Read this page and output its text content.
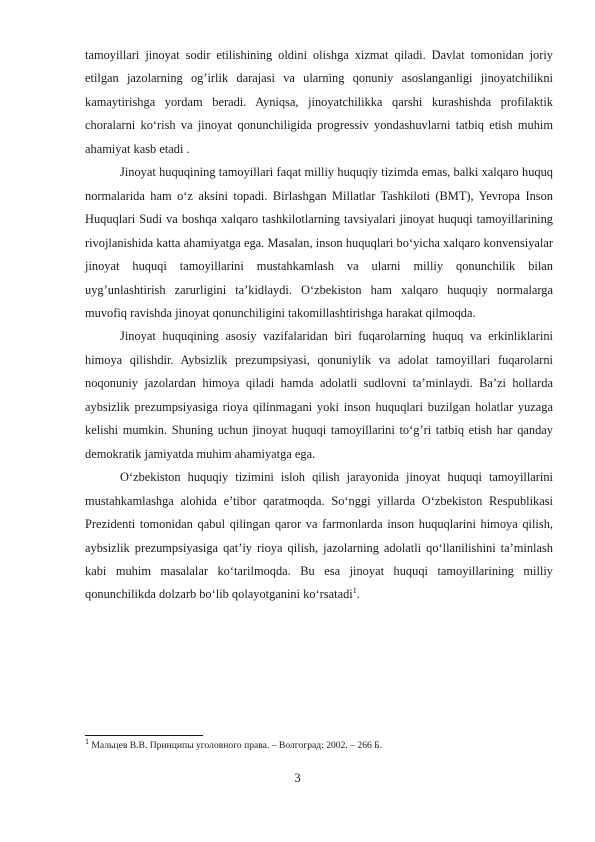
tamoyillari jinoyat sodir etilishining oldini olishga xizmat qiladi. Davlat tomonidan joriy etilgan jazolarning og’irlik darajasi va ularning qonuniy asoslanganligi jinoyatchilikni kamaytirishga yordam beradi. Ayniqsa, jinoyatchilikka qarshi kurashishda profilaktik choralarni ko‘rish va jinoyat qonunchiligida progressiv yondashuvlarni tatbiq etish muhim ahamiyat kasb etadi .

Jinoyat huquqining tamoyillari faqat milliy huquqiy tizimda emas, balki xalqaro huquq normalarida ham o‘z aksini topadi. Birlashgan Millatlar Tashkiloti (BMT), Yevropa Inson Huquqlari Sudi va boshqa xalqaro tashkilotlarning tavsiyalari jinoyat huquqi tamoyillarining rivojlanishida katta ahamiyatga ega. Masalan, inson huquqlari bo‘yicha xalqaro konvensiyalar jinoyat huquqi tamoyillarini mustahkamlash va ularni milliy qonunchilik bilan uyg’unlashtirish zarurligini ta’kidlaydi. O‘zbekiston ham xalqaro huquqiy normalarga muvofiq ravishda jinoyat qonunchiligini takomillashtirishga harakat qilmoqda.

Jinoyat huquqining asosiy vazifalaridan biri fuqarolarning huquq va erkinliklarini himoya qilishdir. Aybsizlik prezumpsiyasi, qonuniylik va adolat tamoyillari fuqarolarni noqonuniy jazolardan himoya qiladi hamda adolatli sudlovni ta’minlaydi. Ba’zi hollarda aybsizlik prezumpsiyasiga rioya qilinmagani yoki inson huquqlari buzilgan holatlar yuzaga kelishi mumkin. Shuning uchun jinoyat huquqi tamoyillarini to‘g’ri tatbiq etish har qanday demokratik jamiyatda muhim ahamiyatga ega.

O‘zbekiston huquqiy tizimini isloh qilish jarayonida jinoyat huquqi tamoyillarini mustahkamlashga alohida e’tibor qaratmoqda. So‘nggi yillarda O‘zbekiston Respublikasi Prezidenti tomonidan qabul qilingan qaror va farmonlarda inson huquqlarini himoya qilish, aybsizlik prezumpsiyasiga qat’iy rioya qilish, jazolarning adolatli qo‘llanilishini ta’minlash kabi muhim masalalar ko‘tarilmoqda. Bu esa jinoyat huquqi tamoyillarining milliy qonunchilikda dolzarb bo‘lib qolayotganini ko‘rsatadi$^1$.

$^1$ Мальцев В.В. Принципы уголовного права. – Волгоград: 2002. – 266 Б.

3
